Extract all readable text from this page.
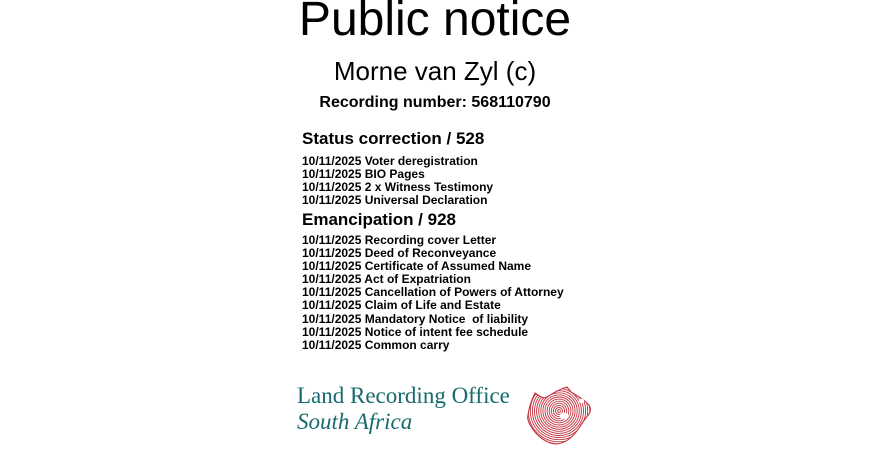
Public notice
Morne van Zyl (c)
Recording number: 568110790
Status correction / 528
10/11/2025 Voter deregistration
10/11/2025 BIO Pages
10/11/2025 2 x Witness Testimony
10/11/2025 Universal Declaration
Emancipation / 928
10/11/2025 Recording cover Letter
10/11/2025 Deed of Reconveyance
10/11/2025 Certificate of Assumed Name
10/11/2025 Act of Expatriation
10/11/2025 Cancellation of Powers of Attorney
10/11/2025 Claim of Life and Estate
10/11/2025 Mandatory Notice  of liability
10/11/2025 Notice of intent fee schedule
10/11/2025 Common carry
Land Recording Office
South Africa
